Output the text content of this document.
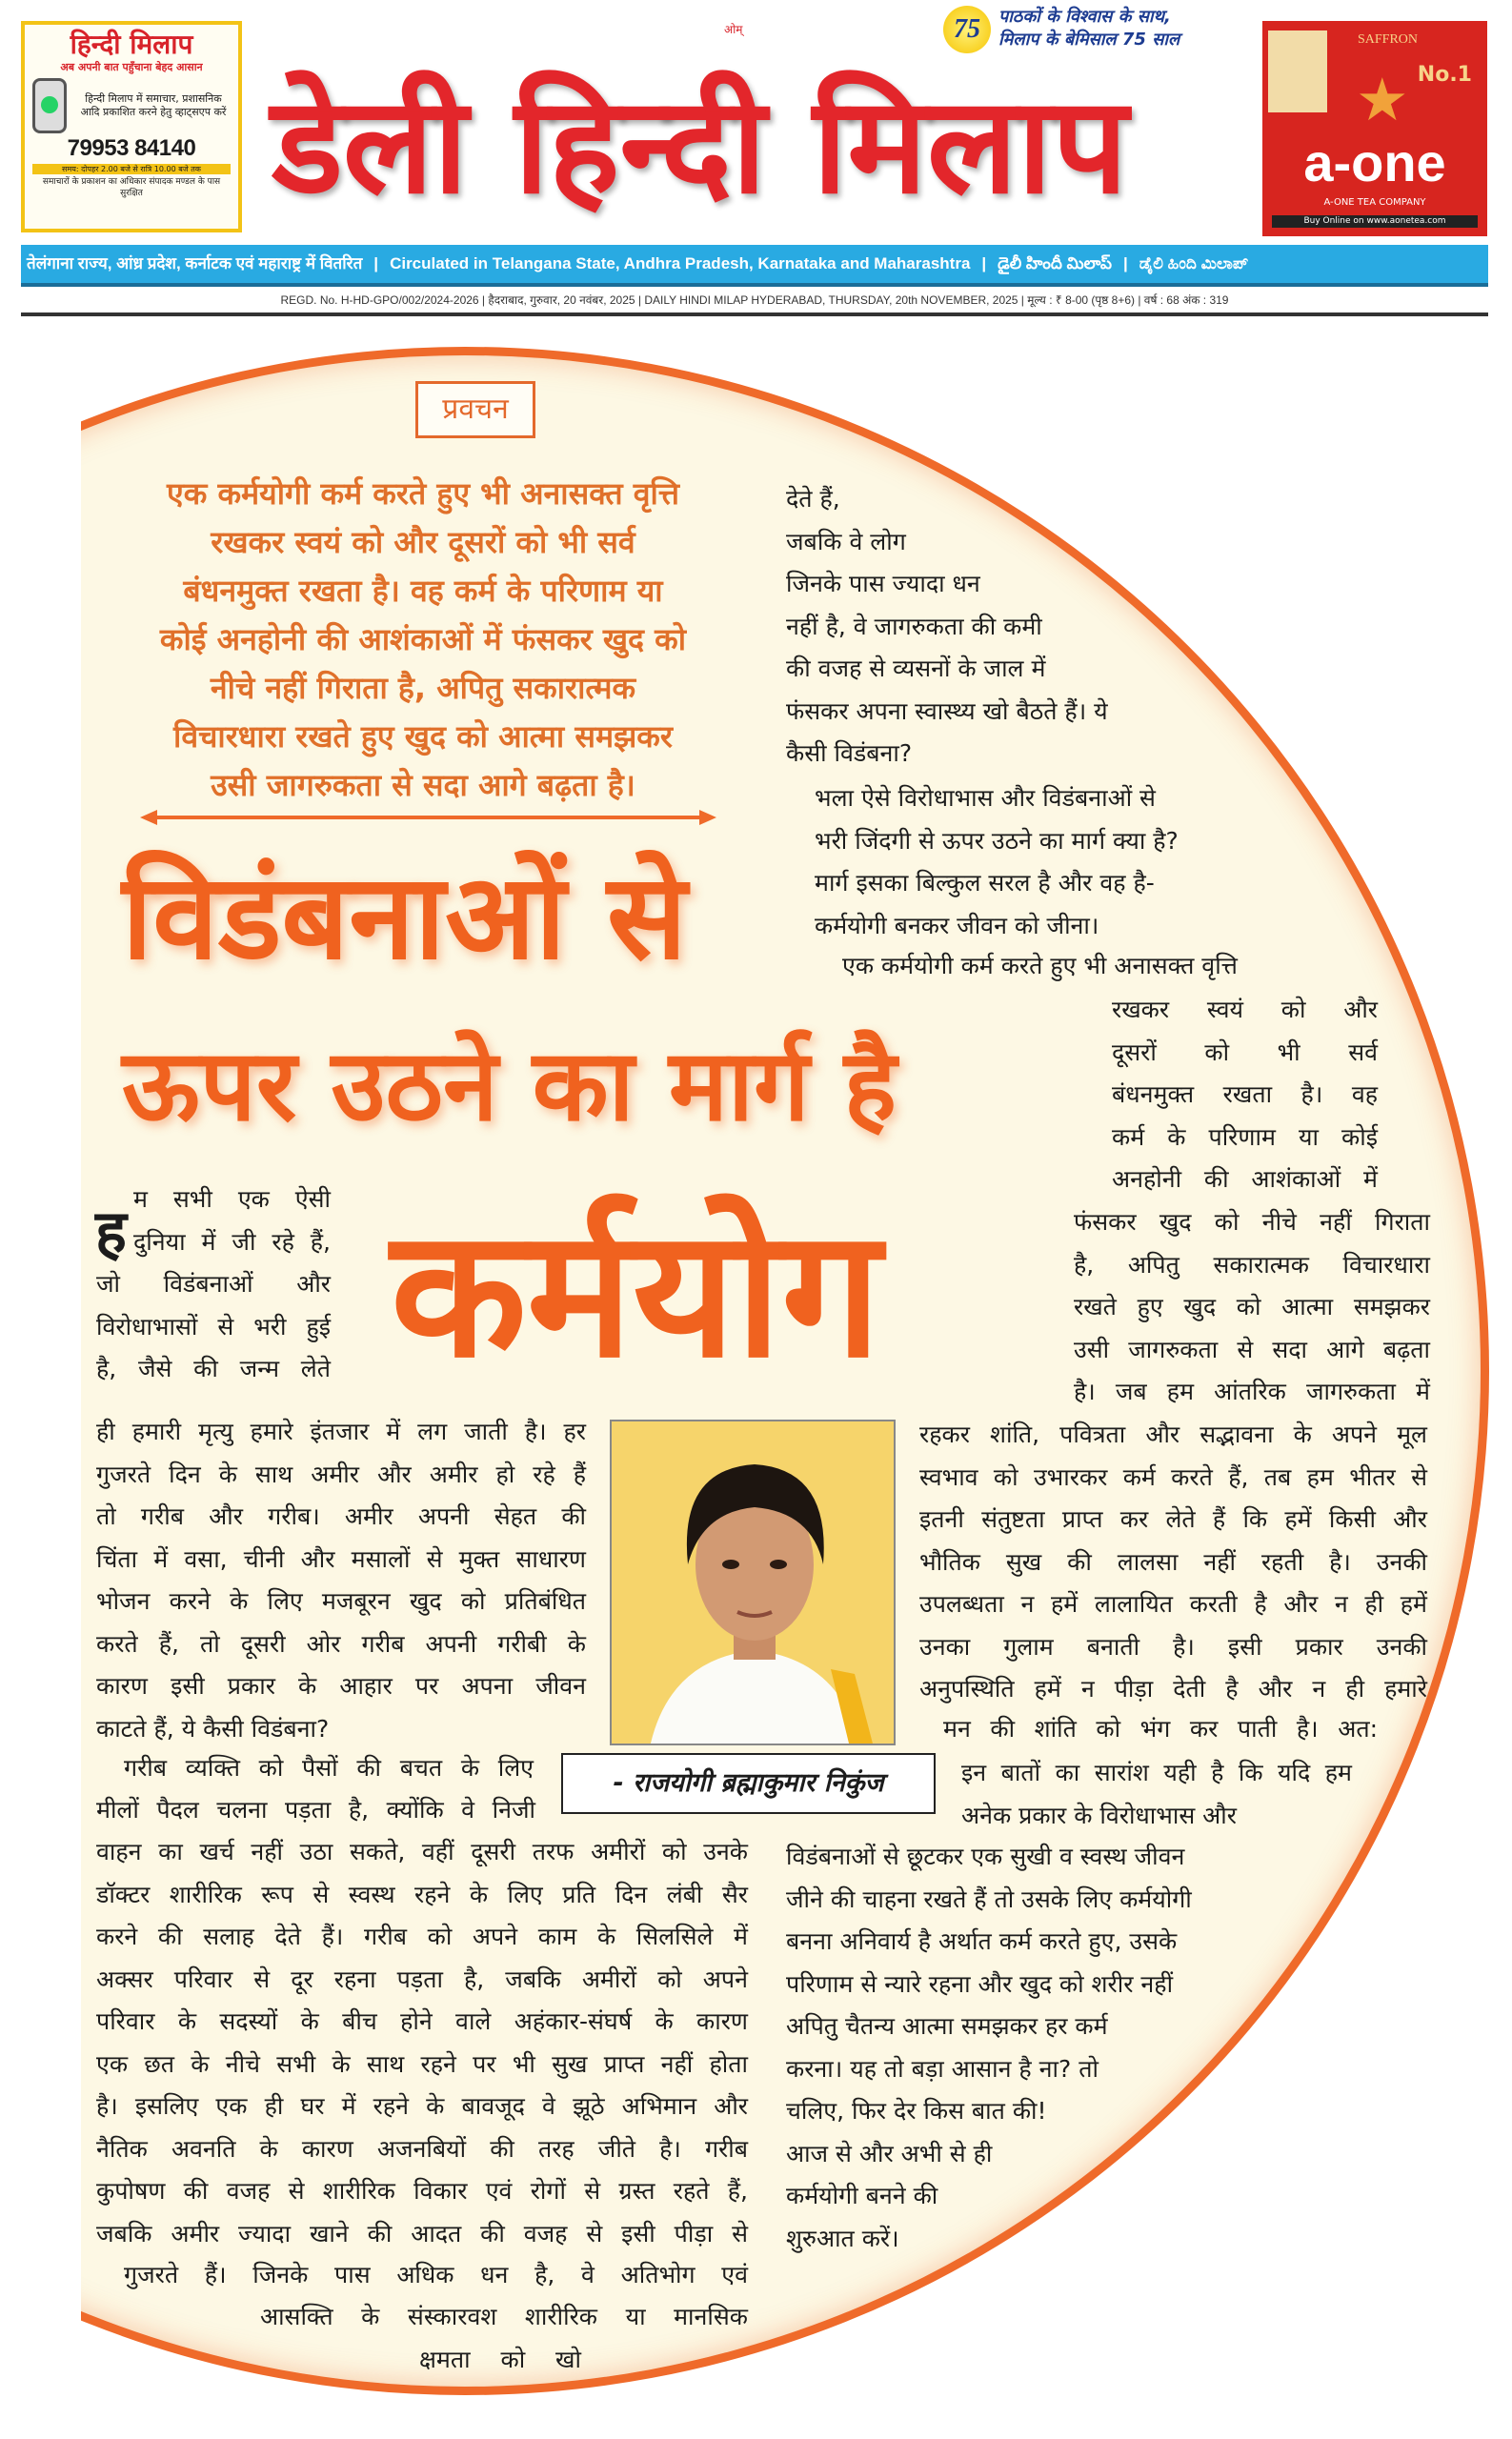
हिन्दी मिलाप
अब अपनी बात पहुँचाना बेहद आसान
हिन्दी मिलाप में समाचार, प्रशासनिक आदि प्रकाशित करने हेतु व्हाट्सएप करें
79953 84140
समय: दोपहर 2.00 बजे से रात्रि 10.00 बजे तक
समाचारों के प्रकाशन का अधिकार संपादक मण्डल के पास सुरक्षित
ओम्
डेली हिन्दी मिलाप
75	पाठकों के विश्वास के साथ,
मिलाप के बेमिसाल 75 साल	SAFFRON
No.1
★
a-one
A-ONE TEA COMPANY
Buy Online on www.aonetea.com
तेलंगाना राज्य, आंध्र प्रदेश, कर्नाटक एवं महाराष्ट्र में वितरित | Circulated in Telangana State, Andhra Pradesh, Karnataka and Maharashtra | డైలీ హిందీ మిలాప్ | ಡೈಲಿ ಹಿಂದಿ ಮಿಲಾಪ್
REGD. No. H-HD-GPO/002/2024-2026 | हैदराबाद, गुरुवार, 20 नवंबर, 2025 | DAILY HINDI MILAP HYDERABAD, THURSDAY, 20th NOVEMBER, 2025 | मूल्य : ₹ 8-00 (पृष्ठ 8+6) | वर्ष : 68 अंक : 319
प्रवचन
एक कर्मयोगी कर्म करते हुए भी अनासक्त वृत्ति
रखकर स्वयं को और दूसरों को भी सर्व
बंधनमुक्त रखता है। वह कर्म के परिणाम या
कोई अनहोनी की आशंकाओं में फंसकर खुद को
नीचे नहीं गिराता है, अपितु सकारात्मक
विचारधारा रखते हुए खुद को आत्मा समझकर
उसी जागरुकता से सदा आगे बढ़ता है।
विडंबनाओं से
ऊपर उठने का मार्ग है
कर्मयोग
ह
- राजयोगी ब्रह्माकुमार निकुंज
म सभी एक ऐसी
दुनिया में जी रहे हैं,
जो विडंबनाओं और
विरोधाभासों से भरी हुई
है, जैसे की जन्म लेते
ही हमारी मृत्यु हमारे इंतजार में लग जाती है। हर
गुजरते दिन के साथ अमीर और अमीर हो रहे हैं
तो गरीब और गरीब। अमीर अपनी सेहत की
चिंता में वसा, चीनी और मसालों से मुक्त साधारण
भोजन करने के लिए मजबूरन खुद को प्रतिबंधित
करते हैं, तो दूसरी ओर गरीब अपनी गरीबी के
कारण इसी प्रकार के आहार पर अपना जीवन
काटते हैं, ये कैसी विडंबना?
गरीब व्यक्ति को पैसों की बचत के लिए
मीलों पैदल चलना पड़ता है, क्योंकि वे निजी
वाहन का खर्च नहीं उठा सकते, वहीं दूसरी तरफ अमीरों को उनके
डॉक्टर शारीरिक रूप से स्वस्थ रहने के लिए प्रति दिन लंबी सैर
करने की सलाह देते हैं। गरीब को अपने काम के सिलसिले में
अक्सर परिवार से दूर रहना पड़ता है, जबकि अमीरों को अपने
परिवार के सदस्यों के बीच होने वाले अहंकार-संघर्ष के कारण
एक छत के नीचे सभी के साथ रहने पर भी सुख प्राप्त नहीं होता
है। इसलिए एक ही घर में रहने के बावजूद वे झूठे अभिमान और
नैतिक अवनति के कारण अजनबियों की तरह जीते है। गरीब
कुपोषण की वजह से शारीरिक विकार एवं रोगों से ग्रस्त रहते हैं,
जबकि अमीर ज्यादा खाने की आदत की वजह से इसी पीड़ा से
गुजरते हैं। जिनके पास अधिक धन है, वे अतिभोग एवं
आसक्ति के संस्कारवश शारीरिक या मानसिक
क्षमता को खो
देते हैं,
जबकि वे लोग
जिनके पास ज्यादा धन
नहीं है, वे जागरुकता की कमी
की वजह से व्यसनों के जाल में
फंसकर अपना स्वास्थ्य खो बैठते हैं। ये
कैसी विडंबना?
भला ऐसे विरोधाभास और विडंबनाओं से
भरी जिंदगी से ऊपर उठने का मार्ग क्या है?
मार्ग इसका बिल्कुल सरल है और वह है-
कर्मयोगी बनकर जीवन को जीना।
एक कर्मयोगी कर्म करते हुए भी अनासक्त वृत्ति
रखकर स्वयं को और
दूसरों को भी सर्व
बंधनमुक्त रखता है। वह
कर्म के परिणाम या कोई
अनहोनी की आशंकाओं में
फंसकर खुद को नीचे नहीं गिराता
है, अपितु सकारात्मक विचारधारा
रखते हुए खुद को आत्मा समझकर
उसी जागरुकता से सदा आगे बढ़ता
है। जब हम आंतरिक जागरुकता में
रहकर शांति, पवित्रता और सद्भावना के अपने मूल
स्वभाव को उभारकर कर्म करते हैं, तब हम भीतर से
इतनी संतुष्टता प्राप्त कर लेते हैं कि हमें किसी और
भौतिक सुख की लालसा नहीं रहती है। उनकी
उपलब्धता न हमें लालायित करती है और न ही हमें
उनका गुलाम बनाती है। इसी प्रकार उनकी
अनुपस्थिति हमें न पीड़ा देती है और न ही हमारे
मन की शांति को भंग कर पाती है। अत:
इन बातों का सारांश यही है कि यदि हम
अनेक प्रकार के विरोधाभास और
विडंबनाओं से छूटकर एक सुखी व स्वस्थ जीवन
जीने की चाहना रखते हैं तो उसके लिए कर्मयोगी
बनना अनिवार्य है अर्थात कर्म करते हुए, उसके
परिणाम से न्यारे रहना और खुद को शरीर नहीं
अपितु चैतन्य आत्मा समझकर हर कर्म
करना। यह तो बड़ा आसान है ना? तो
चलिए, फिर देर किस बात की!
आज से और अभी से ही
कर्मयोगी बनने की
शुरुआत करें।
